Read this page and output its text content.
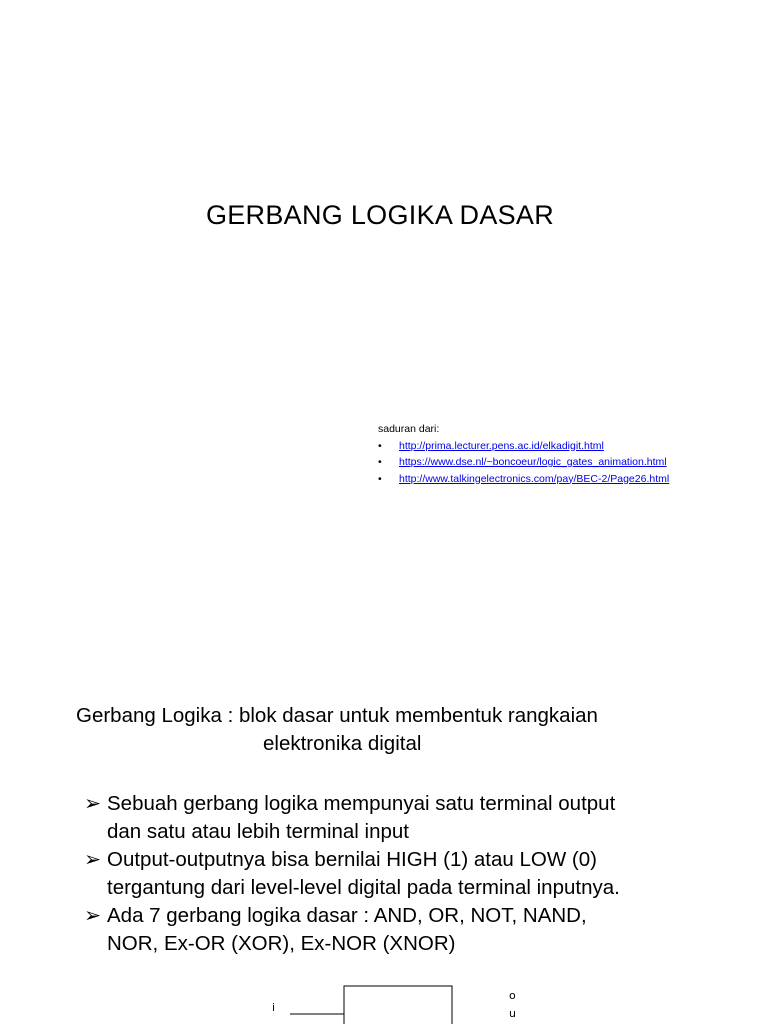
GERBANG LOGIKA DASAR
saduran dari:
• http://prima.lecturer.pens.ac.id/elkadigit.html
• https://www.dse.nl/~boncoeur/logic_gates_animation.html
• http://www.talkingelectronics.com/pay/BEC-2/Page26.html
i
o
u
Gerbang Logika : blok dasar untuk membentuk rangkaian
elektronika digital
➢ Sebuah gerbang logika mempunyai satu terminal output
dan satu atau lebih terminal input
➢ Output-outputnya bisa bernilai HIGH (1) atau LOW (0)
tergantung dari level-level digital pada terminal inputnya.
➢ Ada 7 gerbang logika dasar : AND, OR, NOT, NAND,
NOR, Ex-OR (XOR), Ex-NOR (XNOR)
